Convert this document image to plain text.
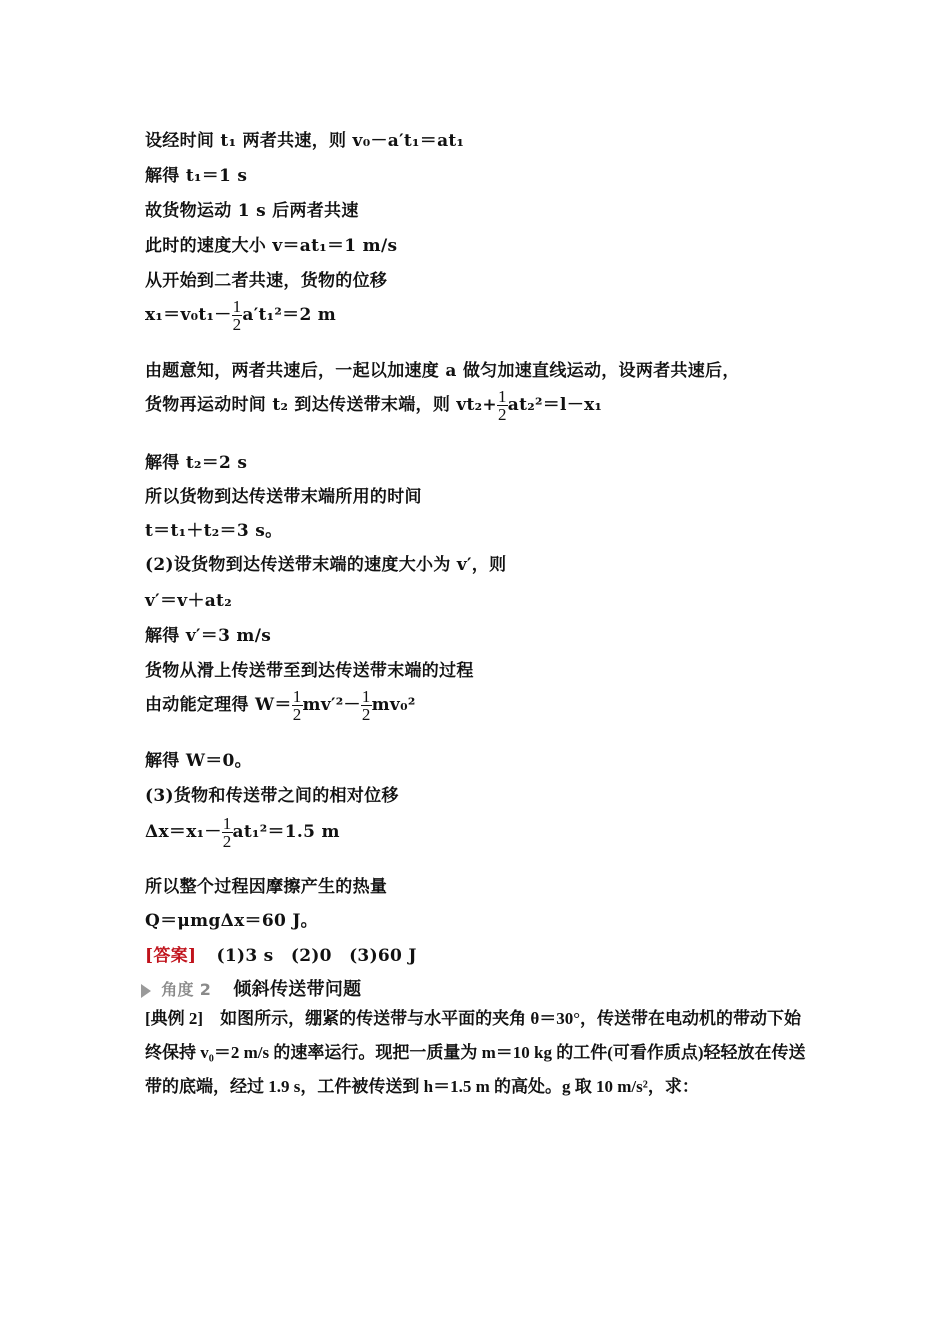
设经时间 t₁ 两者共速，则 v₀－a′t₁＝at₁
解得 t₁＝1 s
故货物运动 1 s 后两者共速
此时的速度大小 v＝at₁＝1 m/s
从开始到二者共速，货物的位移
$x_1=v_0t_1- \frac{1}{2} a't_1^2=2$ m
由题意知，两者共速后，一起以加速度 a 做匀加速直线运动，设两者共速后，
货物再运动时间 t₂ 到达传送带末端，则 $vt_2+ \frac{1}{2} at_2^2=l-x_1$
解得 t₂＝2 s
所以货物到达传送带末端所用的时间
t＝t₁＋t₂＝3 s。
(2)设货物到达传送带末端的速度大小为 v′，则
v′＝v＋at₂
解得 v′＝3 m/s
货物从滑上传送带至到达传送带末端的过程
由动能定理得 $W= \frac{1}{2} mv'^2- \frac{1}{2} mv_0^2$
解得 W＝0。
(3)货物和传送带之间的相对位移
$\Delta x=x_1- \frac{1}{2} at_1^2=1.5$ m
所以整个过程因摩擦产生的热量
Q＝μmgΔx＝60 J。
[答案] (1)3 s　(2)0　(3)60 J
角度 2 倾斜传送带问题
[典例 2]　如图所示，绷紧的传送带与水平面的夹角 θ＝30°，传送带在电动机的带动下始终保持 v₀＝2 m/s 的速率运行。现把一质量为 m＝10 kg 的工件(可看作质点)轻轻放在传送带的底端，经过 1.9 s，工件被传送到 h＝1.5 m 的高处。g 取 10 m/s²，求：
